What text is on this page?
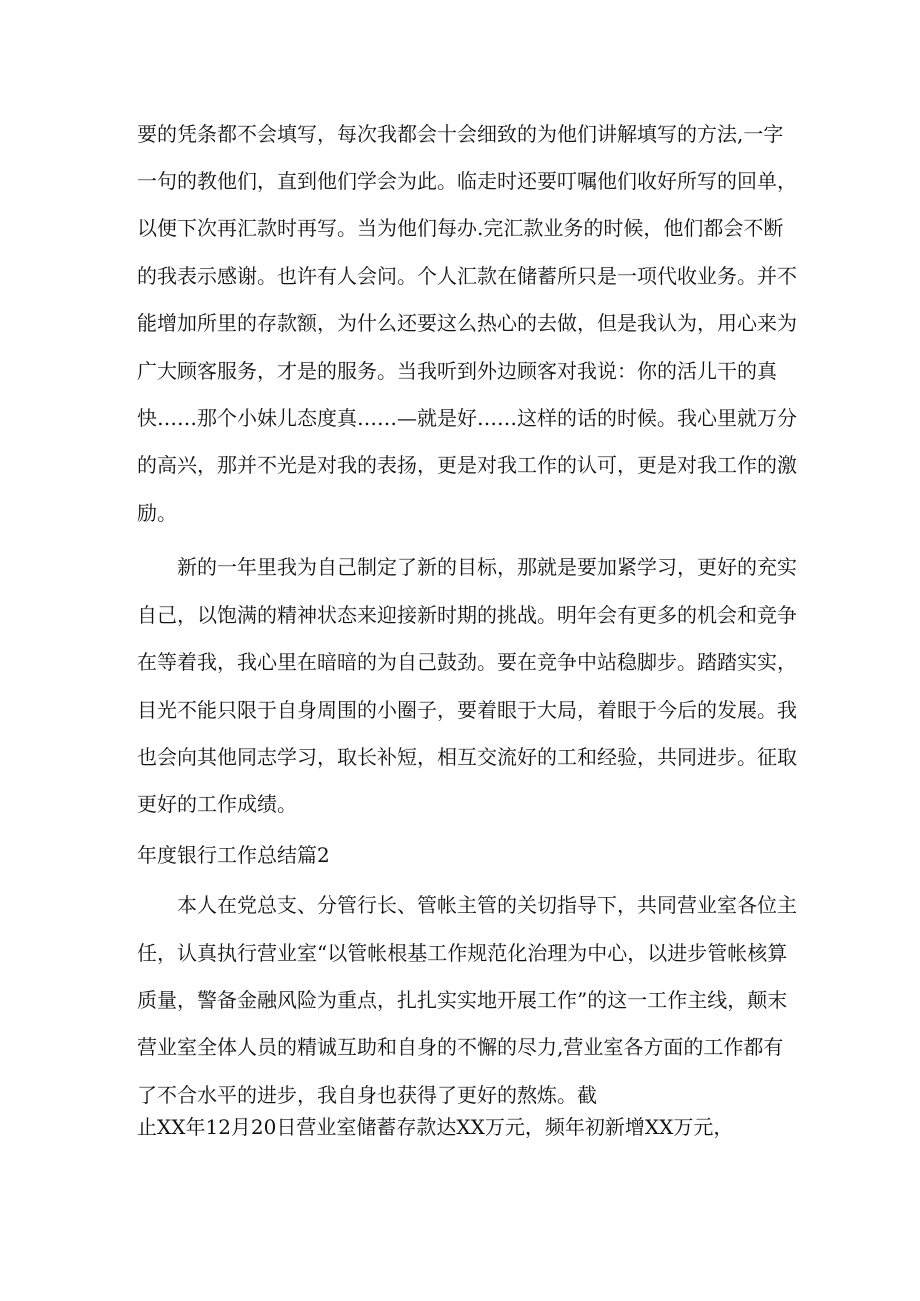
要的凭条都不会填写，每次我都会十会细致的为他们讲解填写的方法,一字
一句的教他们，直到他们学会为此。临走时还要叮嘱他们收好所写的回单，
以便下次再汇款时再写。当为他们每办.完汇款业务的时候，他们都会不断
的我表示感谢。也许有人会问。个人汇款在储蓄所只是一项代收业务。并不
能增加所里的存款额，为什么还要这么热心的去做，但是我认为，用心来为
广大顾客服务，才是的服务。当我听到外边顾客对我说：你的活儿干的真
快……那个小妹儿态度真……—就是好……这样的话的时候。我心里就万分
的高兴，那并不光是对我的表扬，更是对我工作的认可，更是对我工作的激
励。
新的一年里我为自己制定了新的目标，那就是要加紧学习，更好的充实
自己，以饱满的精神状态来迎接新时期的挑战。明年会有更多的机会和竞争
在等着我，我心里在暗暗的为自己鼓劲。要在竞争中站稳脚步。踏踏实实，
目光不能只限于自身周围的小圈子，要着眼于大局，着眼于今后的发展。我
也会向其他同志学习，取长补短，相互交流好的工和经验，共同进步。征取
更好的工作成绩。
年度银行工作总结篇2
本人在党总支、分管行长、管帐主管的关切指导下，共同营业室各位主
任，认真执行营业室“以管帐根基工作规范化治理为中心，以进步管帐核算
质量，警备金融风险为重点，扎扎实实地开展工作”的这一工作主线，颠末
营业室全体人员的精诚互助和自身的不懈的尽力,营业室各方面的工作都有
了不合水平的进步，我自身也获得了更好的熬炼。截
止XX年12月20日营业室储蓄存款达XX万元，频年初新增XX万元，
